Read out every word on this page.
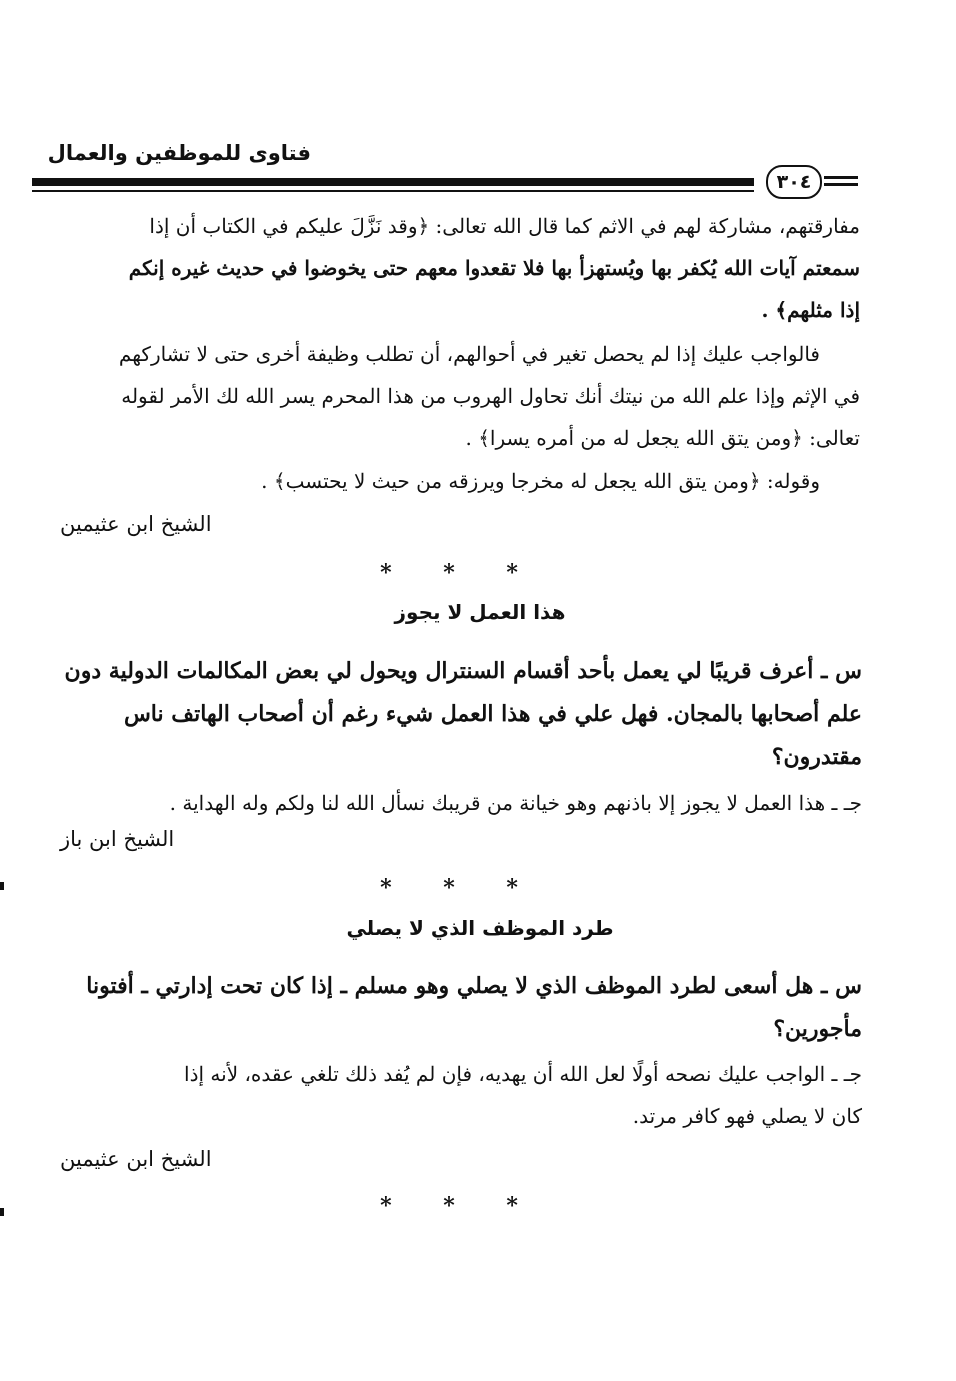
فتاوى للموظفين والعمال
٣٠٤

مفارقتهم، مشاركة لهم في الاثم كما قال الله تعالى: ﴿وقد نَزَّلَ عليكم في الكتاب أن إذا

سمعتم آيات الله يُكفر بها ويُستهزأ بها فلا تقعدوا معهم حتى يخوضوا في حديث غيره إنكم

إذا مثلهم﴾ .

فالواجب عليك إذا لم يحصل تغير في أحوالهم، أن تطلب وظيفة أخرى حتى لا تشاركهم

في الإثم وإذا علم الله من نيتك أنك تحاول الهروب من هذا المحرم يسر الله لك الأمر لقوله

تعالى: ﴿ومن يتق الله يجعل له من أمره يسرا﴾ .

وقوله: ﴿ومن يتق الله يجعل له مخرجا ويرزقه من حيث لا يحتسب﴾ .

الشيخ ابن عثيمين
* * *
هذا العمل لا يجوز

س ـ أعرف قريبًا لي يعمل بأحد أقسام السنترال ويحول لي بعض المكالمات الدولية دون

علم أصحابها بالمجان. فهل علي في هذا العمل شيء رغم أن أصحاب الهاتف ناس

مقتدرون؟

جـ ـ هذا العمل لا يجوز إلا باذنهم وهو خيانة من قريبك نسأل الله لنا ولكم وله الهداية .

الشيخ ابن باز
* * *
طرد الموظف الذي لا يصلي

س ـ هل أسعى لطرد الموظف الذي لا يصلي وهو مسلم ـ إذا كان تحت إدارتي ـ أفتونا

مأجورين؟

جـ ـ الواجب عليك نصحه أولًا لعل الله أن يهديه، فإن لم يُفد ذلك تلغي عقده، لأنه إذا

كان لا يصلي فهو كافر مرتد.

الشيخ ابن عثيمين
* * *
